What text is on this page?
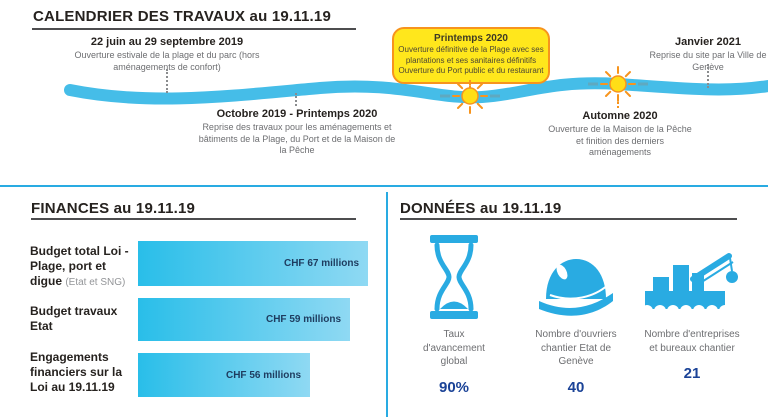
CALENDRIER DES TRAVAUX au 19.11.19
22 juin au 29 septembre 2019
Ouverture estivale de la plage et du parc (hors aménagements de confort)
Octobre 2019 - Printemps 2020
Reprise des travaux pour les aménagements et bâtiments de la Plage, du Port et de la Maison de la Pêche
Printemps 2020
Ouverture définitive de la Plage avec ses plantations et ses sanitaires définitifs
Ouverture du Port public et du restaurant
Automne 2020
Ouverture de la Maison de la Pêche et finition des derniers aménagements
Janvier 2021
Reprise du site par la Ville de Genève
FINANCES au 19.11.19
Budget total Loi - Plage, port et digue (Etat et SNG)
CHF 67 millions
Budget travaux Etat	CHF 59 millions
Engagements financiers sur la Loi au 19.11.19
CHF 56 millions
DONNÉES au 19.11.19
Taux d'avancement global
90%
Nombre d'ouvriers chantier Etat de Genève
40
Nombre d'entreprises et bureaux chantier
21
